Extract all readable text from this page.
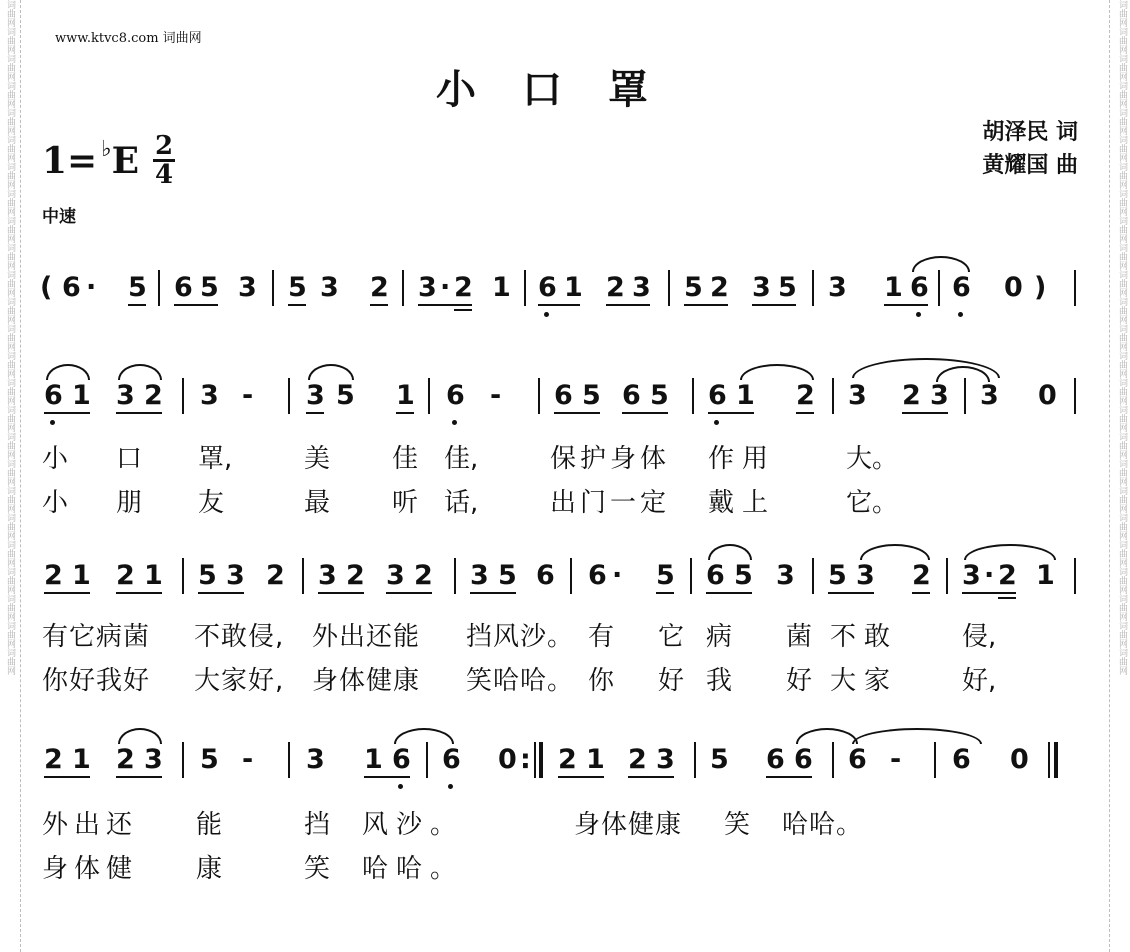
词曲网词曲网词曲网词曲网词曲网词曲网词曲网词曲网词曲网词曲网词曲网词曲网词曲网词曲网词曲网词曲网词曲网词曲网词曲网词曲网词曲网词曲网词曲网词曲网词曲网	词曲网词曲网词曲网词曲网词曲网词曲网词曲网词曲网词曲网词曲网词曲网词曲网词曲网词曲网词曲网词曲网词曲网词曲网词曲网词曲网词曲网词曲网词曲网词曲网词曲网
www.ktvc8.com 词曲网
小口罩
胡泽民 词
黄耀国 曲
1= ♭ E 2
4
中速
( 6 · 5 6 5 3 5 3 2 3 · 2 1 6 1 2 3 5 2 3 5 3 1 6 6 0 )
6 1 3 2 3 - 3 5 1 6 - 6 5 6 5 6 1 2 3 2 3 3 0
小 口 罩,	美 佳 佳,	保护身体 作用	大。
小 朋 友	最 听 话,	出门一定 戴上	它。
2 1 2 1 5 3 2 3 2 3 2 3 5 6 6 · 5 6 5 3 5 3 2 3 · 2 1
有它病菌 不敢侵, 外出还能 挡风沙。 有 它 病 菌 不敢 侵,
你好我好 大家好, 身体健康 笑哈哈。 你 好 我 好 大家 好,
2 1 2 3 5 - 3 1 6 6 0 : 2 1 2 3 5 6 6 6 - 6 0
外出还 能	挡 风沙。	身体健康 笑 哈哈。
身体健 康	笑 哈哈。
